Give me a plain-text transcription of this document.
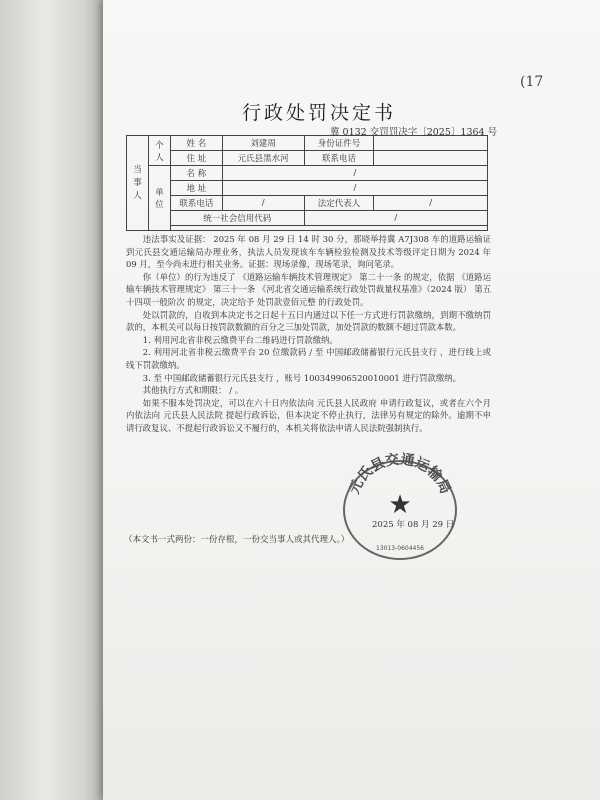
(17
行政处罚决定书
冀 0132 交罚罚决字〔2025〕1364 号
当事人	个人	姓 名	刘建周	身份证件号	
		住 址	元氏县黑水河	联系电话	
	单位	名 称	/		
		地 址	/		
		联系电话	/	法定代表人	/
		统一社会信用代码		/	

违法事实及证据： 2025 年 08 月 29 日 14 时 30 分，那晓举持冀 A7J308 车的道路运输证到元氏县交通运输局办理业务，执法人员发现该车车辆检验检测及技术等级评定日期为 2024 年 09 月，至今尚未进行相关业务。证据：现场录像，现场笔录，询问笔录。

你（单位）的行为违反了 《道路运输车辆技术管理规定》 第二十一条 的规定，依据 《道路运输车辆技术管理规定》 第三十一条 《河北省交通运输系统行政处罚裁量权基准》（2024 版） 第五十四项一般阶次 的规定，决定给予 处罚款壹佰元整 的行政处罚。

处以罚款的，自收到本决定书之日起十五日内通过以下任一方式进行罚款缴纳，到期不缴纳罚款的，本机关可以每日按罚款数额的百分之三加处罚款，加处罚款的数额不超过罚款本数。

1. 利用河北省非税云缴费平台二维码进行罚款缴纳。

2. 利用河北省非税云缴费平台 20 位缴款码 / 至 中国邮政储蓄银行元氏县支行 ，进行线上或线下罚款缴纳。

3. 至 中国邮政储蓄银行元氏县支行 ，账号 100349906520010001 进行罚款缴纳。

其他执行方式和期限： / 。

如果不服本处罚决定，可以在六十日内依法向 元氏县人民政府 申请行政复议，或者在六个月内依法向 元氏县人民法院 提起行政诉讼，但本决定不停止执行，法律另有规定的除外。逾期不申请行政复议、不提起行政诉讼又不履行的，本机关将依法申请人民法院强制执行。

元氏县交通运输局
★
13013-0604456
2025 年 08 月 29 日
（本文书一式两份：一份存根，一份交当事人或其代理人。）
